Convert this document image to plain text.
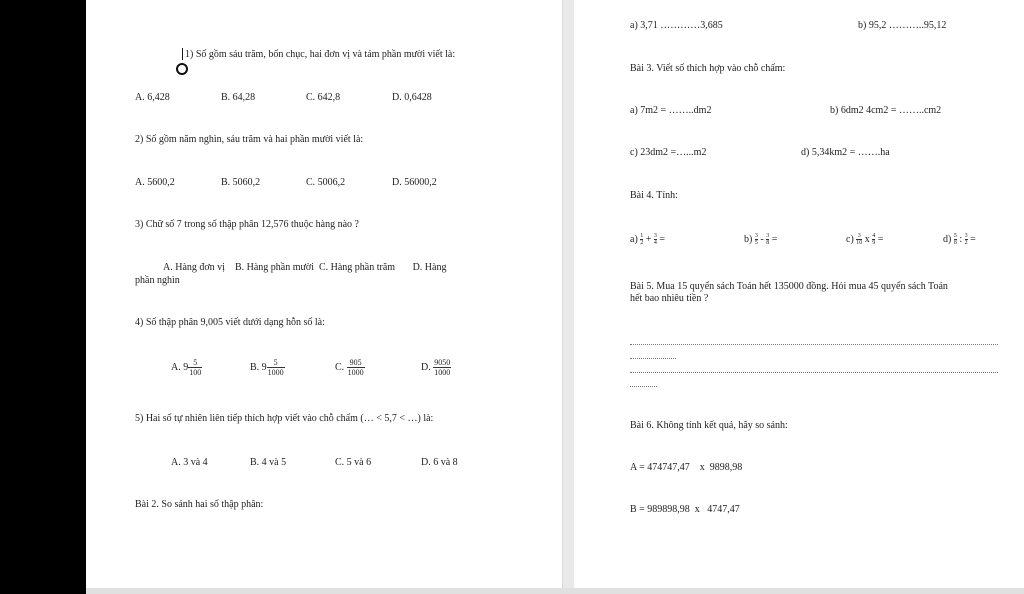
1) Số gồm sáu trăm, bốn chục, hai đơn vị và tám phần mười viết là:
A. 6,428	B. 64,28	C. 642,8	D. 0,6428
2) Số gồm năm nghìn, sáu trăm và hai phần mười viết là:
A. 5600,2	B. 5060,2	C. 5006,2	D. 56000,2
3) Chữ số 7 trong số thập phân 12,576 thuộc hàng nào ?
A. Hàng đơn vị    B. Hàng phần mười  C. Hàng phần trăm       D. Hàng
phần nghìn
4) Số thập phân 9,005 viết dưới dạng hỗn số là:
A. $9 \frac{5}{100}$	B. $9 \frac{5}{1000}$	C. $\frac{905}{1000}$	D. $\frac{9050}{1000}$
5) Hai số tự nhiên liên tiếp thích hợp viết vào chỗ chấm (… < 5,7 < …) là:
A. 3 và 4	B. 4 và 5	C. 5 và 6	D. 6 và 8
Bài 2. So sánh hai số thập phân:
a) 3,71 …………3,685	b) 95,2 ………..95,12
Bài 3. Viết số thích hợp vào chỗ chấm:
a) 7m2 = ……..dm2	b) 6dm2 4cm2 = ……..cm2
c) 23dm2 =…...m2	d) 5,34km2 = …….ha
Bài 4. Tính:
$a) \frac{1}{2} + \frac{3}{4}$ =	$b) \frac{3}{5} - \frac{3}{8}$ =	$c) \frac{3}{10}$ x $\frac{4}{9}$ =	$d) \frac{5}{8}$ : $\frac{3}{2}$ =
Bài 5. Mua 15 quyển sách Toán hết 135000 đồng. Hỏi mua 45 quyển sách Toán
hết bao nhiêu tiền ?
Bài 6. Không tính kết quả, hãy so sánh:
A = 474747,47    x  9898,98
B = 989898,98  x   4747,47
